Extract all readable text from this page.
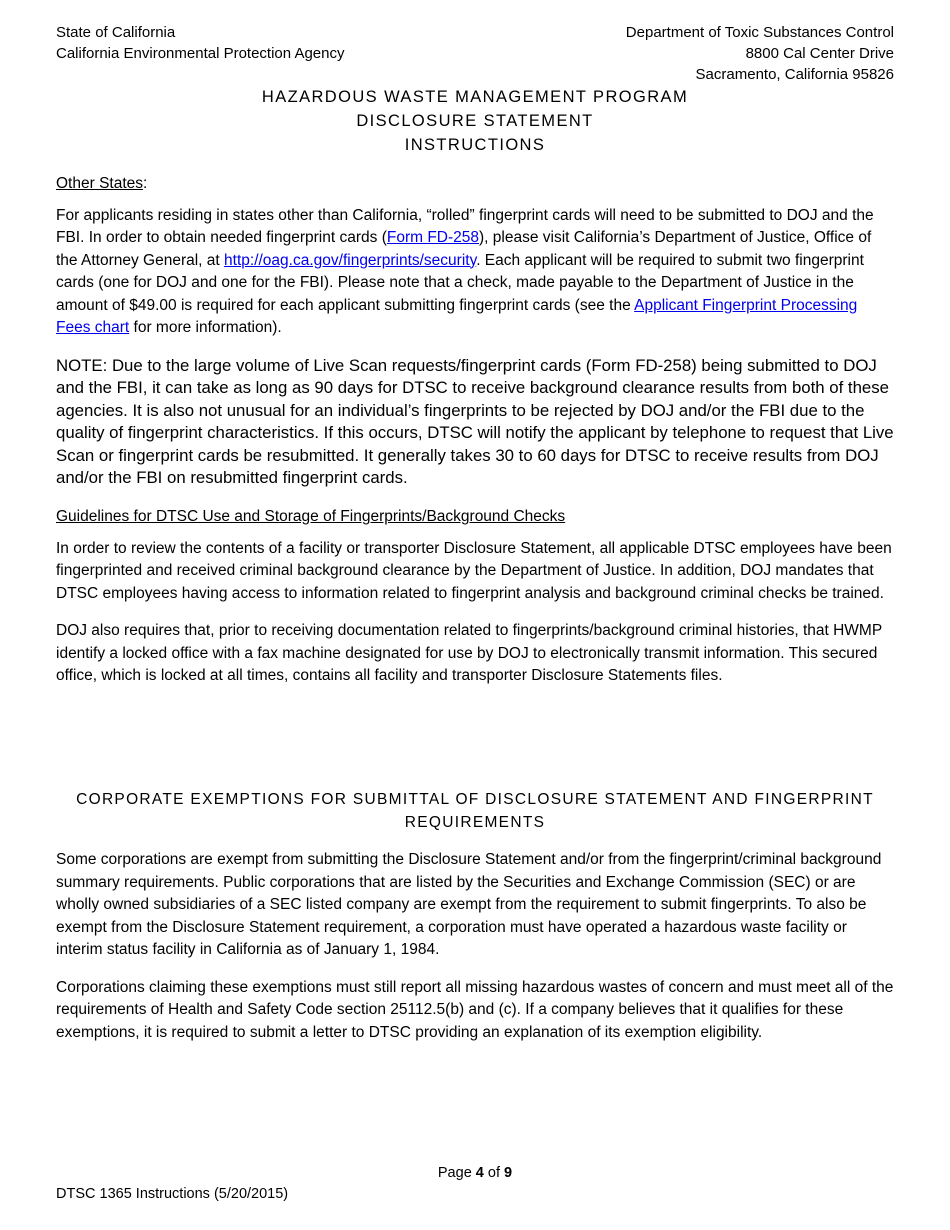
State of California
California Environmental Protection Agency
Department of Toxic Substances Control
8800 Cal Center Drive
Sacramento, California 95826
HAZARDOUS WASTE MANAGEMENT PROGRAM
DISCLOSURE STATEMENT
INSTRUCTIONS

Other States:

For applicants residing in states other than California, “rolled” fingerprint cards will need to be submitted to DOJ and the FBI. In order to obtain needed fingerprint cards (Form FD-258), please visit California’s Department of Justice, Office of the Attorney General, at http://oag.ca.gov/fingerprints/security. Each applicant will be required to submit two fingerprint cards (one for DOJ and one for the FBI). Please note that a check, made payable to the Department of Justice in the amount of $49.00 is required for each applicant submitting fingerprint cards (see the Applicant Fingerprint Processing Fees chart for more information).

NOTE: Due to the large volume of Live Scan requests/fingerprint cards (Form FD-258) being submitted to DOJ and the FBI, it can take as long as 90 days for DTSC to receive background clearance results from both of these agencies. It is also not unusual for an individual’s fingerprints to be rejected by DOJ and/or the FBI due to the quality of fingerprint characteristics. If this occurs, DTSC will notify the applicant by telephone to request that Live Scan or fingerprint cards be resubmitted. It generally takes 30 to 60 days for DTSC to receive results from DOJ and/or the FBI on resubmitted fingerprint cards.

Guidelines for DTSC Use and Storage of Fingerprints/Background Checks

In order to review the contents of a facility or transporter Disclosure Statement, all applicable DTSC employees have been fingerprinted and received criminal background clearance by the Department of Justice. In addition, DOJ mandates that DTSC employees having access to information related to fingerprint analysis and background criminal checks be trained.

DOJ also requires that, prior to receiving documentation related to fingerprints/background criminal histories, that HWMP identify a locked office with a fax machine designated for use by DOJ to electronically transmit information. This secured office, which is locked at all times, contains all facility and transporter Disclosure Statements files.

CORPORATE EXEMPTIONS FOR SUBMITTAL OF DISCLOSURE STATEMENT AND FINGERPRINT
REQUIREMENTS

Some corporations are exempt from submitting the Disclosure Statement and/or from the fingerprint/criminal background summary requirements. Public corporations that are listed by the Securities and Exchange Commission (SEC) or are wholly owned subsidiaries of a SEC listed company are exempt from the requirement to submit fingerprints. To also be exempt from the Disclosure Statement requirement, a corporation must have operated a hazardous waste facility or interim status facility in California as of January 1, 1984.

Corporations claiming these exemptions must still report all missing hazardous wastes of concern and must meet all of the requirements of Health and Safety Code section 25112.5(b) and (c). If a company believes that it qualifies for these exemptions, it is required to submit a letter to DTSC providing an explanation of its exemption eligibility.

Page 4 of 9
DTSC 1365 Instructions (5/20/2015)
